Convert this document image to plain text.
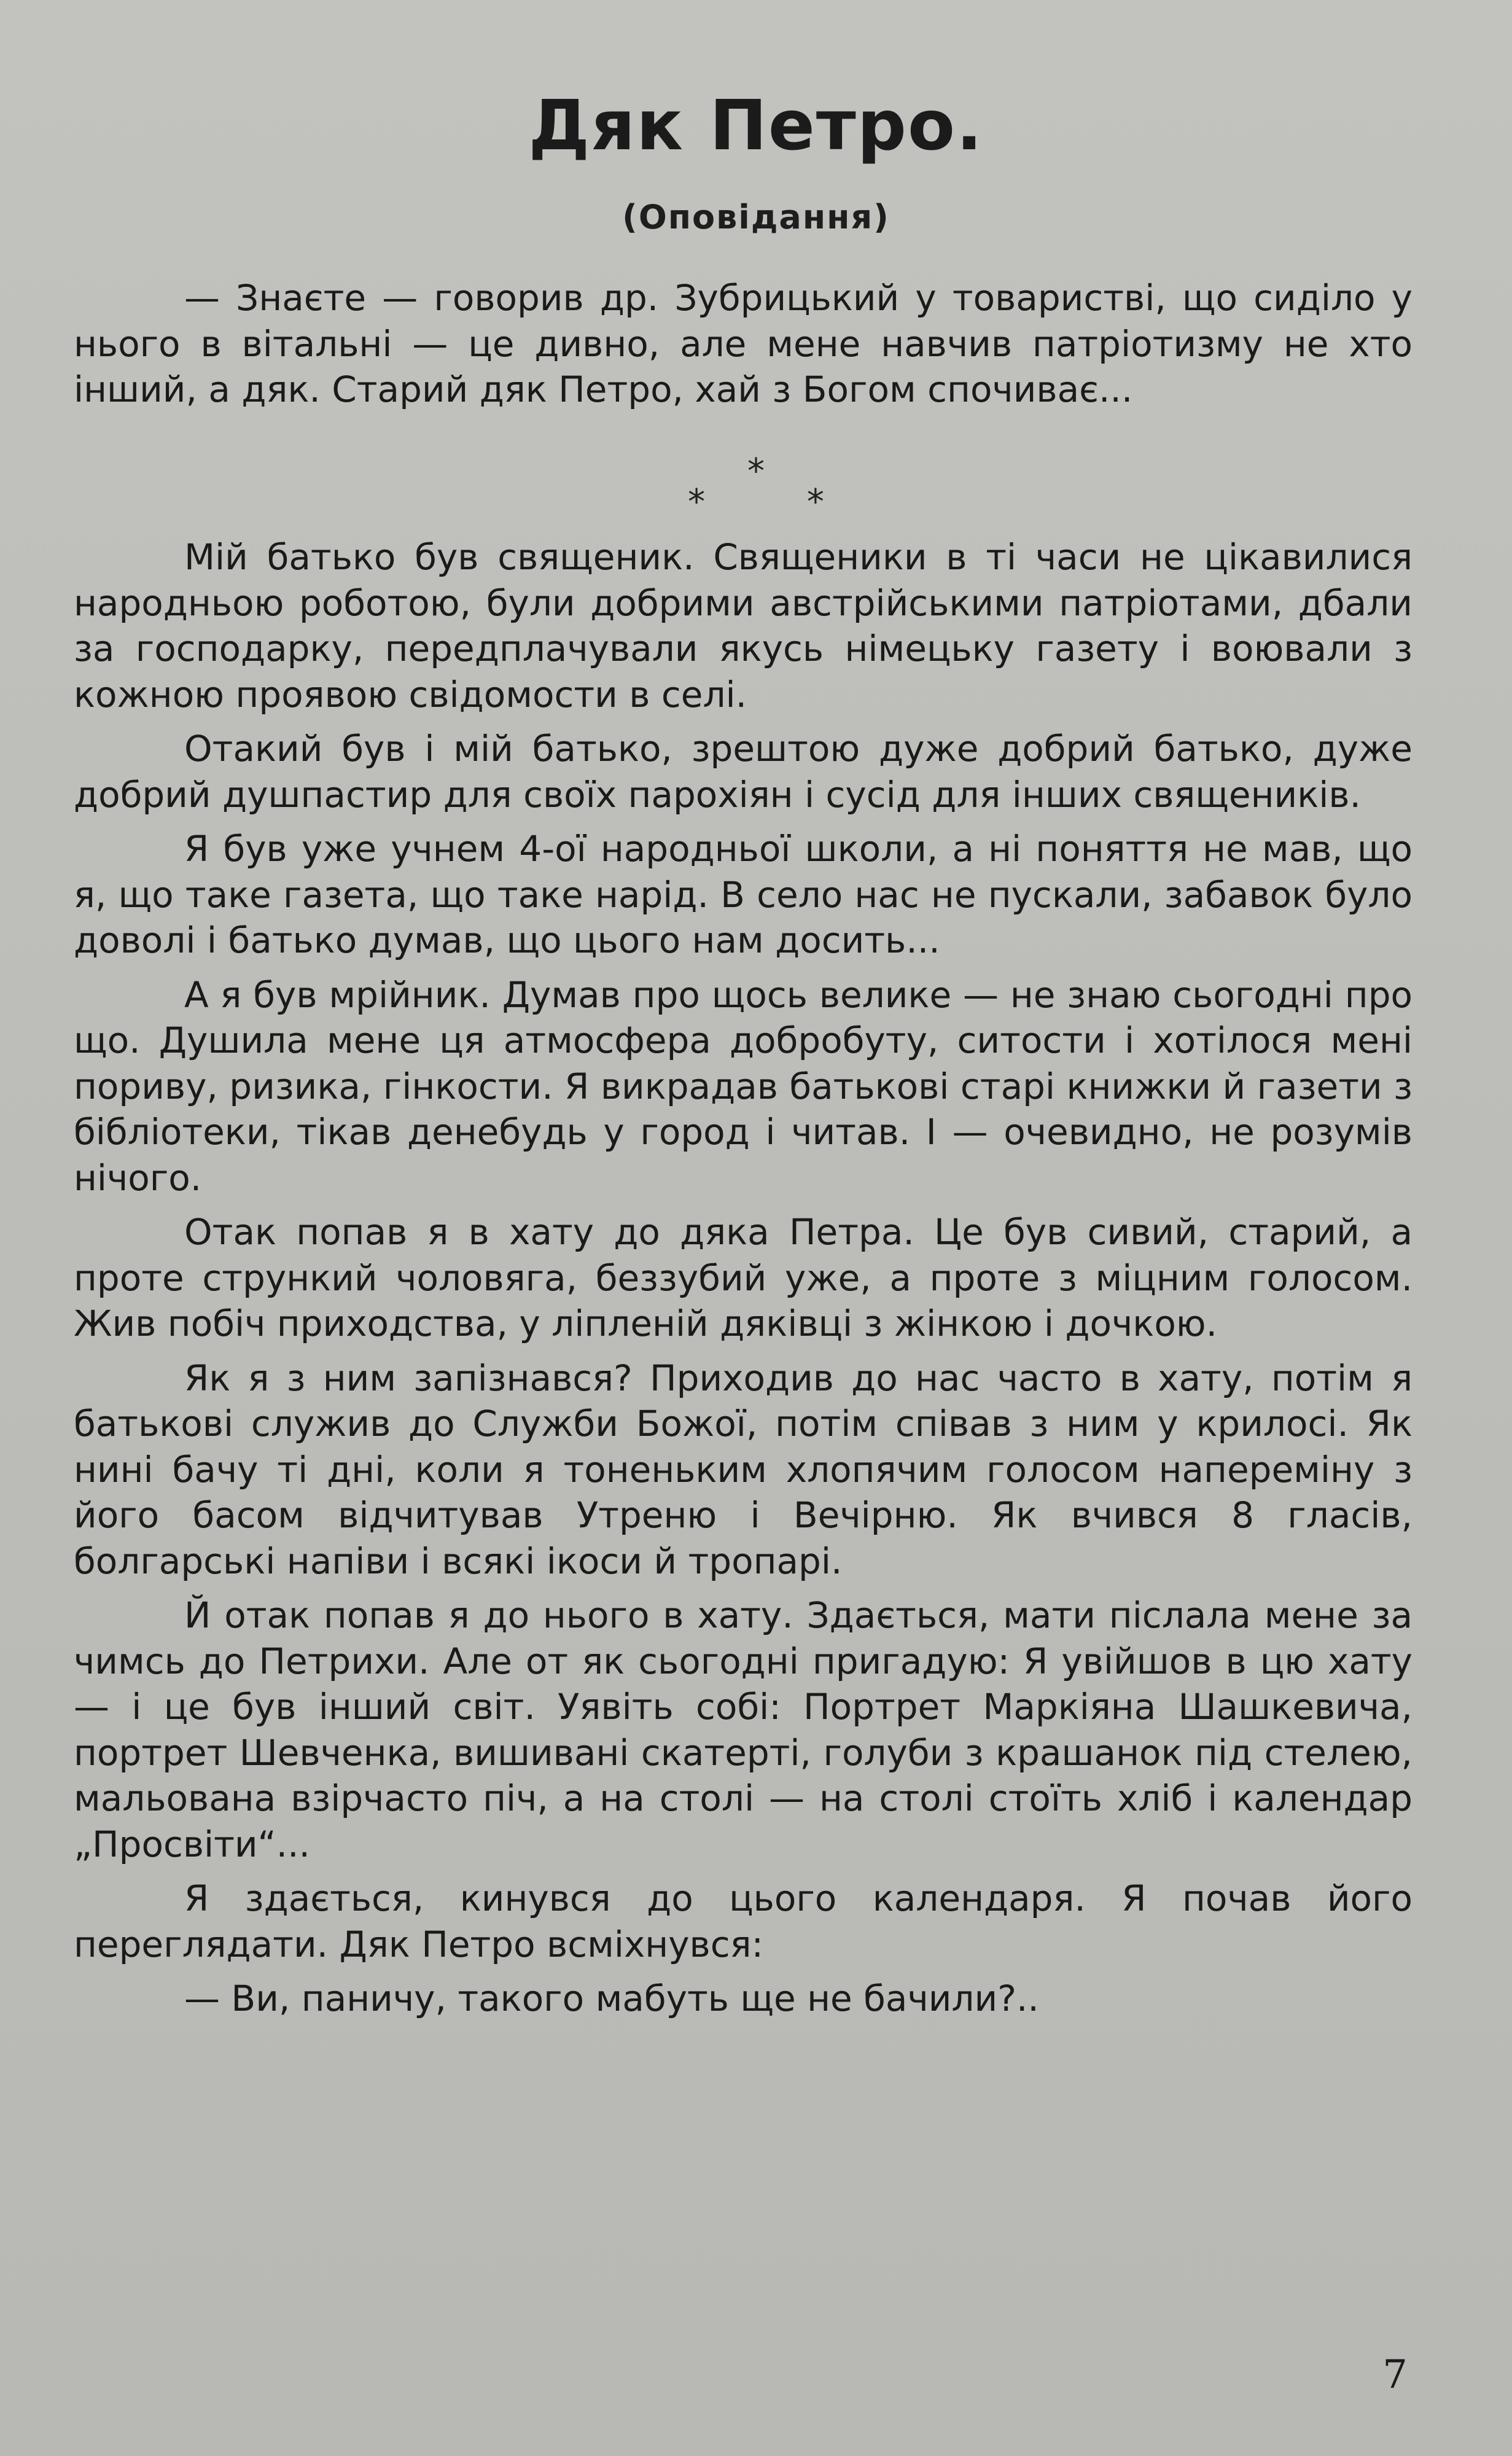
Дяк Петро.
(Оповідання)

— Знаєте — говорив др. Зубрицький у товаристві, що сиділо у нього в вітальні — це дивно, але мене навчив патріотизму не хто інший, а дяк. Старий дяк Петро, хай з Богом спочиває...

*
*	*

Мій батько був священик. Священики в ті часи не цікавилися народньою роботою, були добрими австрійськими патріотами, дбали за господарку, передплачували якусь німецьку газету і воювали з кожною проявою свідомости в селі.

Отакий був і мій батько, зрештою дуже добрий батько, дуже добрий душпастир для своїх парохіян і сусід для інших священиків.

Я був уже учнем 4-ої народньої школи, а ні поняття не мав, що я, що таке газета, що таке нарід. В село нас не пускали, забавок було доволі і батько думав, що цього нам досить...

А я був мрійник. Думав про щось велике — не знаю сьогодні про що. Душила мене ця атмосфера добробуту, ситости і хотілося мені пориву, ризика, гінкости. Я викрадав батькові старі книжки й газети з бібліотеки, тікав денебудь у город і читав. І — очевидно, не розумів нічого.

Отак попав я в хату до дяка Петра. Це був сивий, старий, а проте стрункий чоловяга, беззубий уже, а проте з міцним голосом. Жив побіч приходства, у ліпленій дяківці з жінкою і дочкою.

Як я з ним запізнався? Приходив до нас часто в хату, потім я батькові служив до Служби Божої, потім співав з ним у крилосі. Як нині бачу ті дні, коли я тоненьким хлопячим голосом напереміну з його басом відчитував Утреню і Вечірню. Як вчився 8 гласів, болгарські напіви і всякі ікоси й тропарі.

Й отак попав я до нього в хату. Здається, мати післала мене за чимсь до Петрихи. Але от як сьогодні пригадую: Я увійшов в цю хату — і це був інший світ. Уявіть собі: Портрет Маркіяна Шашкевича, портрет Шевченка, вишивані скатерті, голуби з крашанок під стелею, мальована взірчасто піч, а на столі — на столі стоїть хліб і календар „Просвіти“...

Я здається, кинувся до цього календаря. Я почав його переглядати. Дяк Петро всміхнувся:

— Ви, паничу, такого мабуть ще не бачили?..

7
